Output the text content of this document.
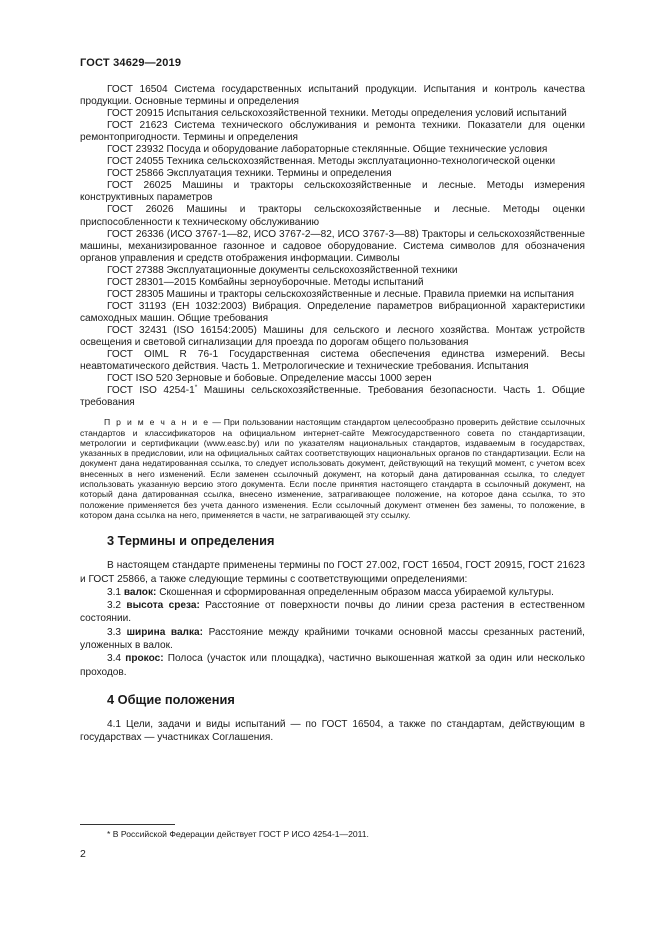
ГОСТ 34629—2019

ГОСТ 16504 Система государственных испытаний продукции. Испытания и контроль качества продукции. Основные термины и определения

ГОСТ 20915 Испытания сельскохозяйственной техники. Методы определения условий испытаний

ГОСТ 21623 Система технического обслуживания и ремонта техники. Показатели для оценки ремонтопригодности. Термины и определения

ГОСТ 23932 Посуда и оборудование лабораторные стеклянные. Общие технические условия

ГОСТ 24055 Техника сельскохозяйственная. Методы эксплуатационно-технологической оценки

ГОСТ 25866 Эксплуатация техники. Термины и определения

ГОСТ 26025 Машины и тракторы сельскохозяйственные и лесные. Методы измерения конструктивных параметров

ГОСТ 26026 Машины и тракторы сельскохозяйственные и лесные. Методы оценки приспособленности к техническому обслуживанию

ГОСТ 26336 (ИСО 3767-1—82, ИСО 3767-2—82, ИСО 3767-3—88) Тракторы и сельскохозяйственные машины, механизированное газонное и садовое оборудование. Система символов для обозначения органов управления и средств отображения информации. Символы

ГОСТ 27388 Эксплуатационные документы сельскохозяйственной техники

ГОСТ 28301—2015 Комбайны зерноуборочные. Методы испытаний

ГОСТ 28305 Машины и тракторы сельскохозяйственные и лесные. Правила приемки на испытания

ГОСТ 31193 (ЕН 1032:2003) Вибрация. Определение параметров вибрационной характеристики самоходных машин. Общие требования

ГОСТ 32431 (ISO 16154:2005) Машины для сельского и лесного хозяйства. Монтаж устройств освещения и световой сигнализации для проезда по дорогам общего пользования

ГОСТ OIML R 76-1 Государственная система обеспечения единства измерений. Весы неавтоматического действия. Часть 1. Метрологические и технические требования. Испытания

ГОСТ ISO 520 Зерновые и бобовые. Определение массы 1000 зерен

ГОСТ ISO 4254-1* Машины сельскохозяйственные. Требования безопасности. Часть 1. Общие требования

П р и м е ч а н и е — При пользовании настоящим стандартом целесообразно проверить действие ссылочных стандартов и классификаторов на официальном интернет-сайте Межгосударственного совета по стандартизации, метрологии и сертификации (www.easc.by) или по указателям национальных стандартов, издаваемым в государствах, указанных в предисловии, или на официальных сайтах соответствующих национальных органов по стандартизации. Если на документ дана недатированная ссылка, то следует использовать документ, действующий на текущий момент, с учетом всех внесенных в него изменений. Если заменен ссылочный документ, на который дана датированная ссылка, то следует использовать указанную версию этого документа. Если после принятия настоящего стандарта в ссылочный документ, на который дана датированная ссылка, внесено изменение, затрагивающее положение, на которое дана ссылка, то это положение применяется без учета данного изменения. Если ссылочный документ отменен без замены, то положение, в котором дана ссылка на него, применяется в части, не затрагивающей эту ссылку.

3 Термины и определения

В настоящем стандарте применены термины по ГОСТ 27.002, ГОСТ 16504, ГОСТ 20915, ГОСТ 21623 и ГОСТ 25866, а также следующие термины с соответствующими определениями:

3.1 валок: Скошенная и сформированная определенным образом масса убираемой культуры.

3.2 высота среза: Расстояние от поверхности почвы до линии среза растения в естественном состоянии.

3.3 ширина валка: Расстояние между крайними точками основной массы срезанных растений, уложенных в валок.

3.4 прокос: Полоса (участок или площадка), частично выкошенная жаткой за один или несколько проходов.

4 Общие положения

4.1 Цели, задачи и виды испытаний — по ГОСТ 16504, а также по стандартам, действующим в государствах — участниках Соглашения.

* В Российской Федерации действует ГОСТ Р ИСО 4254-1—2011.
2
